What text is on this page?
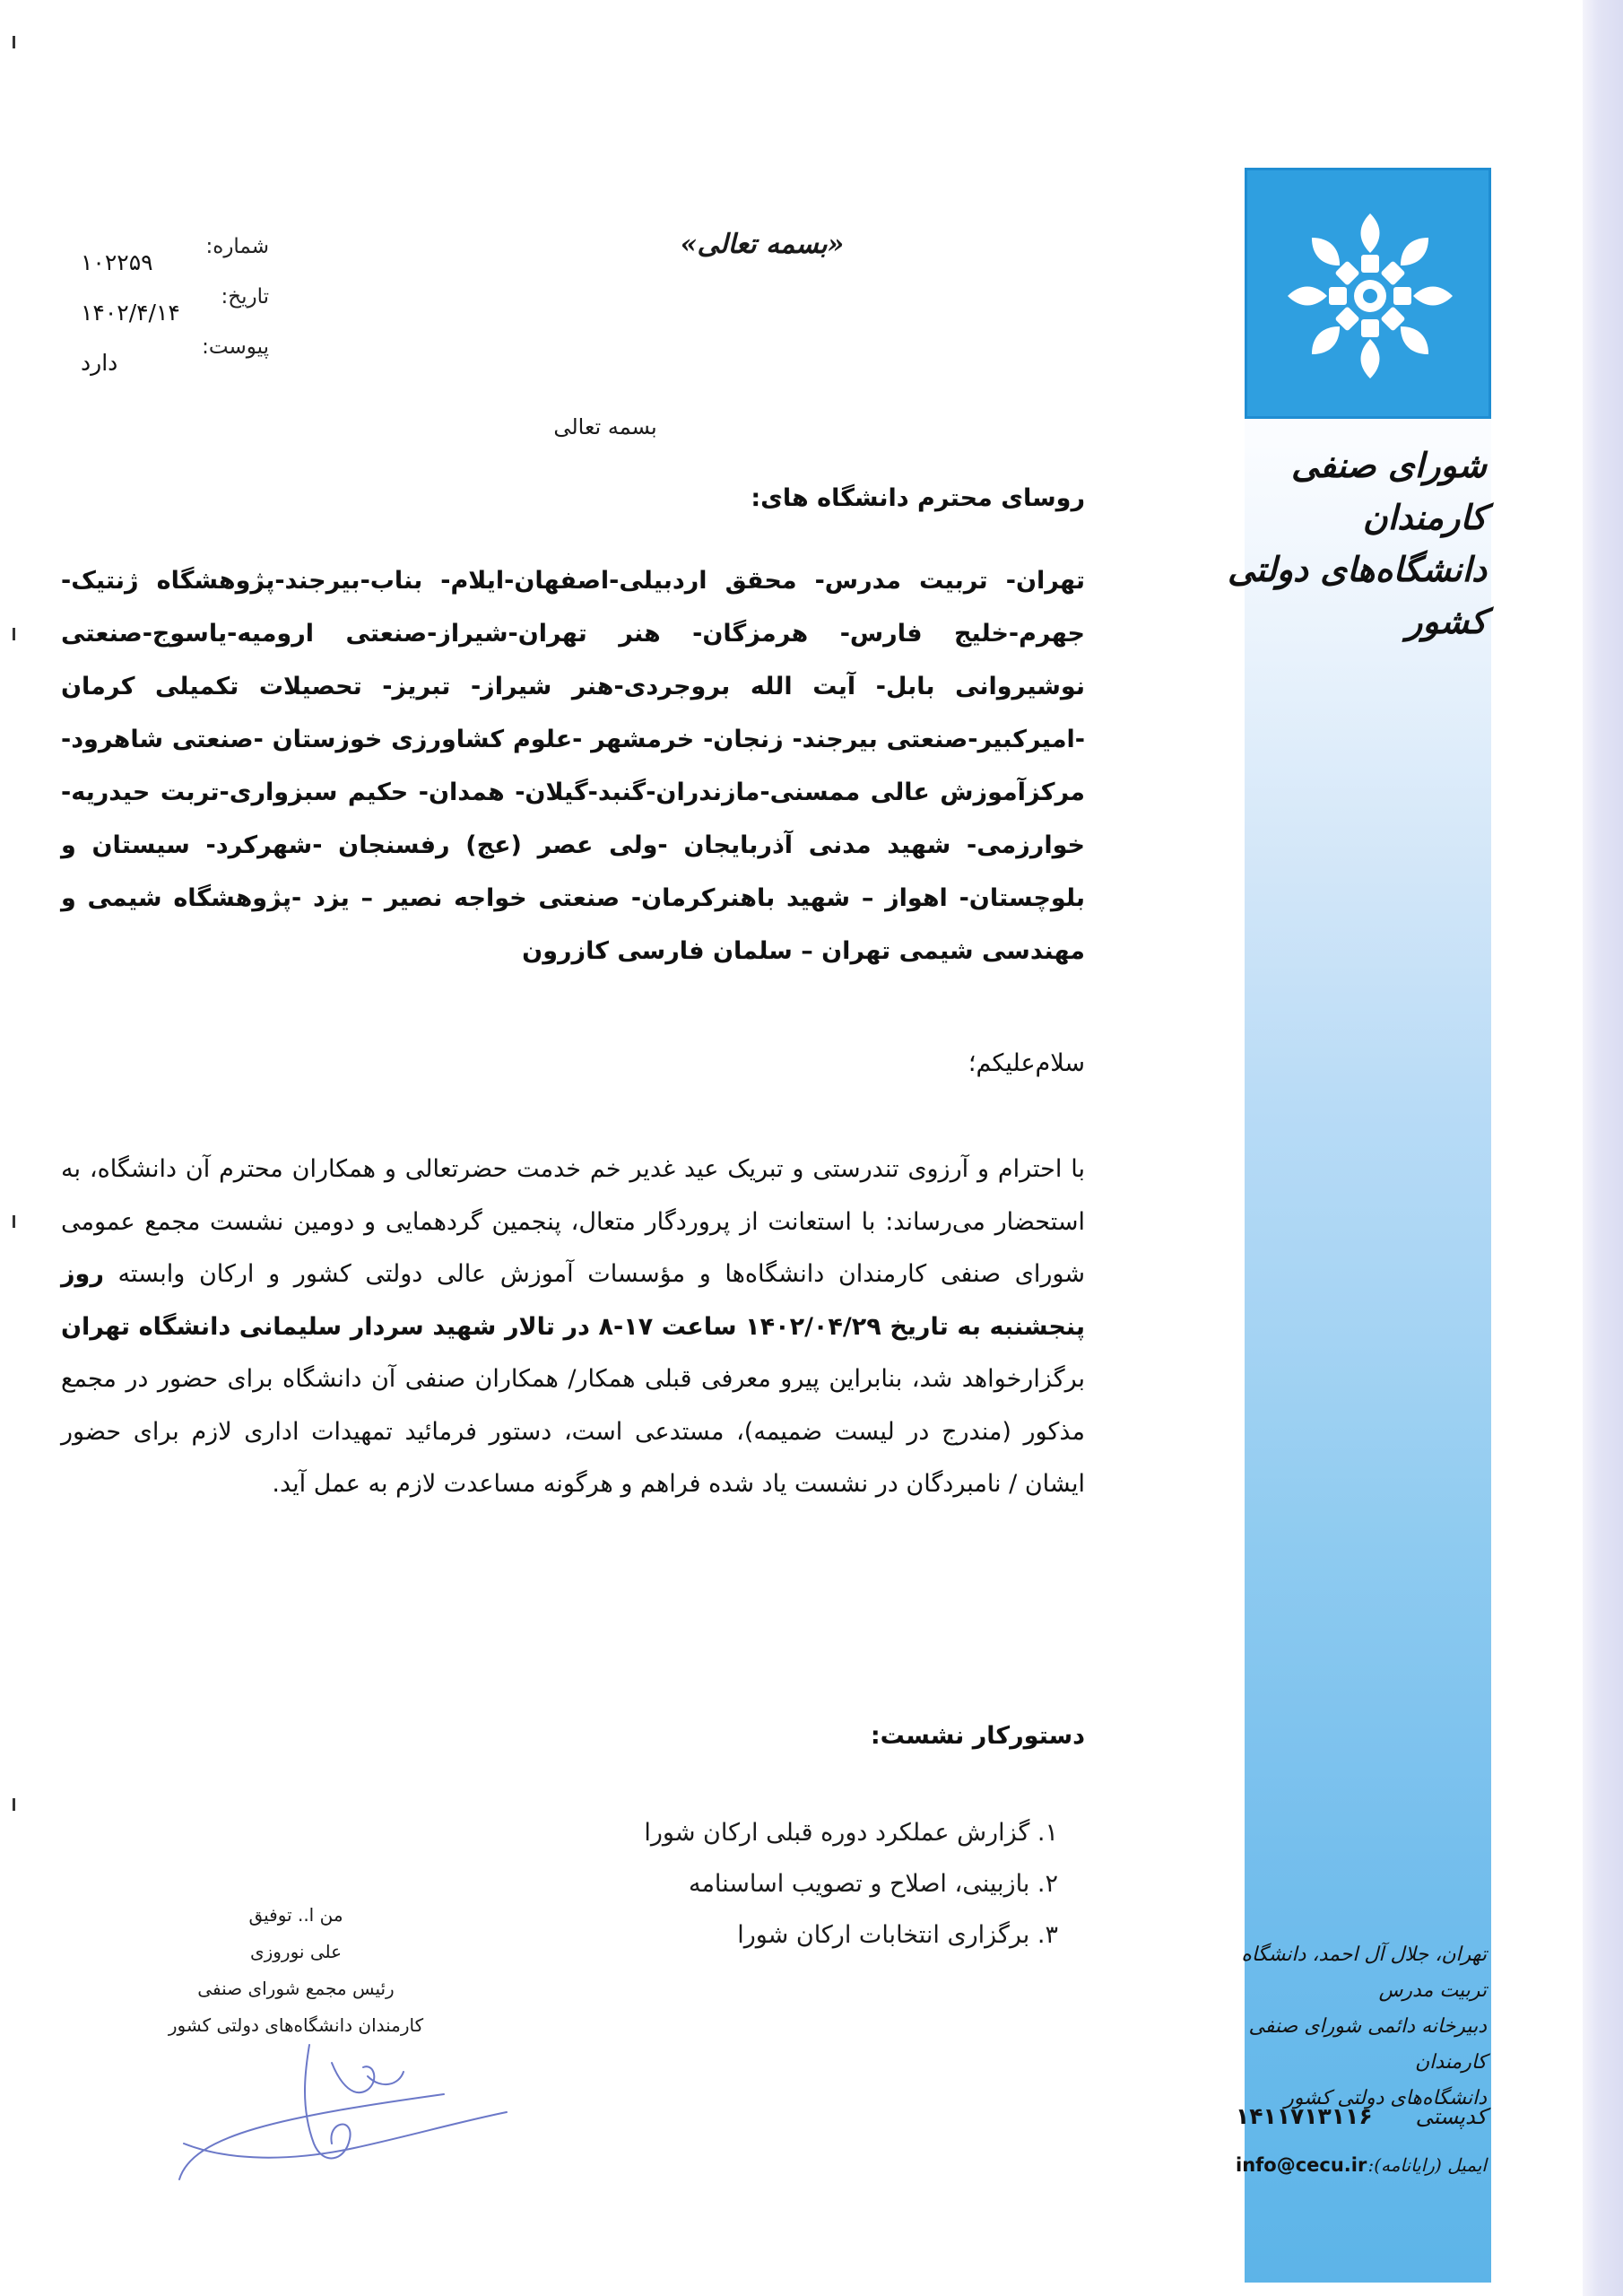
شورای صنفی کارمندان
دانشگاه‌های دولتی کشور
تهران، جلال آل احمد، دانشگاه تربیت مدرس
دبیرخانه دائمی شورای صنفی کارمندان
دانشگاه‌های دولتی کشور
کدپستی
۱۴۱۱۷۱۳۱۱۶
ایمیل (رایانامه):
info@cecu.ir
«بسمه تعالی»
شماره:
۱۰۲۲۵۹
تاریخ:
۱۴۰۲/۴/۱۴
پیوست:
دارد
بسمه تعالی
روسای محترم دانشگاه های:
تهران- تربیت مدرس- محقق اردبیلی-اصفهان-ایلام- بناب-بیرجند-پژوهشگاه ژنتیک-جهرم-خلیج فارس- هرمزگان- هنر تهران-شیراز-صنعتی ارومیه-یاسوج-صنعتی نوشیروانی بابل- آیت الله بروجردی-هنر شیراز- تبریز- تحصیلات تکمیلی کرمان -امیرکبیر-صنعتی بیرجند- زنجان- خرمشهر -علوم کشاورزی خوزستان -صنعتی شاهرود-مرکزآموزش عالی ممسنی-مازندران-گنبد-گیلان- همدان- حکیم سبزواری-تربت حیدریه- خوارزمی- شهید مدنی آذربایجان -ولی عصر (عج) رفسنجان -شهرکرد- سیستان و بلوچستان- اهواز – شهید باهنرکرمان- صنعتی خواجه نصیر – یزد -پژوهشگاه شیمی و مهندسی شیمی تهران – سلمان فارسی کازرون
سلام‌علیکم؛
با احترام و آرزوی تندرستی و تبریک عید غدیر خم خدمت حضرتعالی و همکاران محترم آن دانشگاه، به استحضار می‌رساند: با استعانت از پروردگار متعال، پنجمین گردهمایی و دومین نشست مجمع عمومی شورای صنفی کارمندان دانشگاه‌ها و مؤسسات آموزش عالی دولتی کشور و ارکان وابسته روز پنجشنبه به تاریخ ۱۴۰۲/۰۴/۲۹ ساعت ۱۷-۸ در تالار شهید سردار سلیمانی دانشگاه تهران برگزارخواهد شد، بنابراین پیرو معرفی قبلی همکار/ همکاران صنفی آن دانشگاه برای حضور در مجمع مذکور (مندرج در لیست ضمیمه)، مستدعی است، دستور فرمائید تمهیدات اداری لازم برای حضور ایشان / نامبردگان در نشست یاد شده فراهم و هرگونه مساعدت لازم به عمل آید.
دستورکار نشست:
۱. گزارش عملکرد دوره قبلی ارکان شورا
۲. بازبینی، اصلاح و تصویب اساسنامه
۳. برگزاری انتخابات ارکان شورا
من ا.. توفیق
علی نوروزی
رئیس مجمع شورای صنفی
کارمندان دانشگاه‌های دولتی کشور
